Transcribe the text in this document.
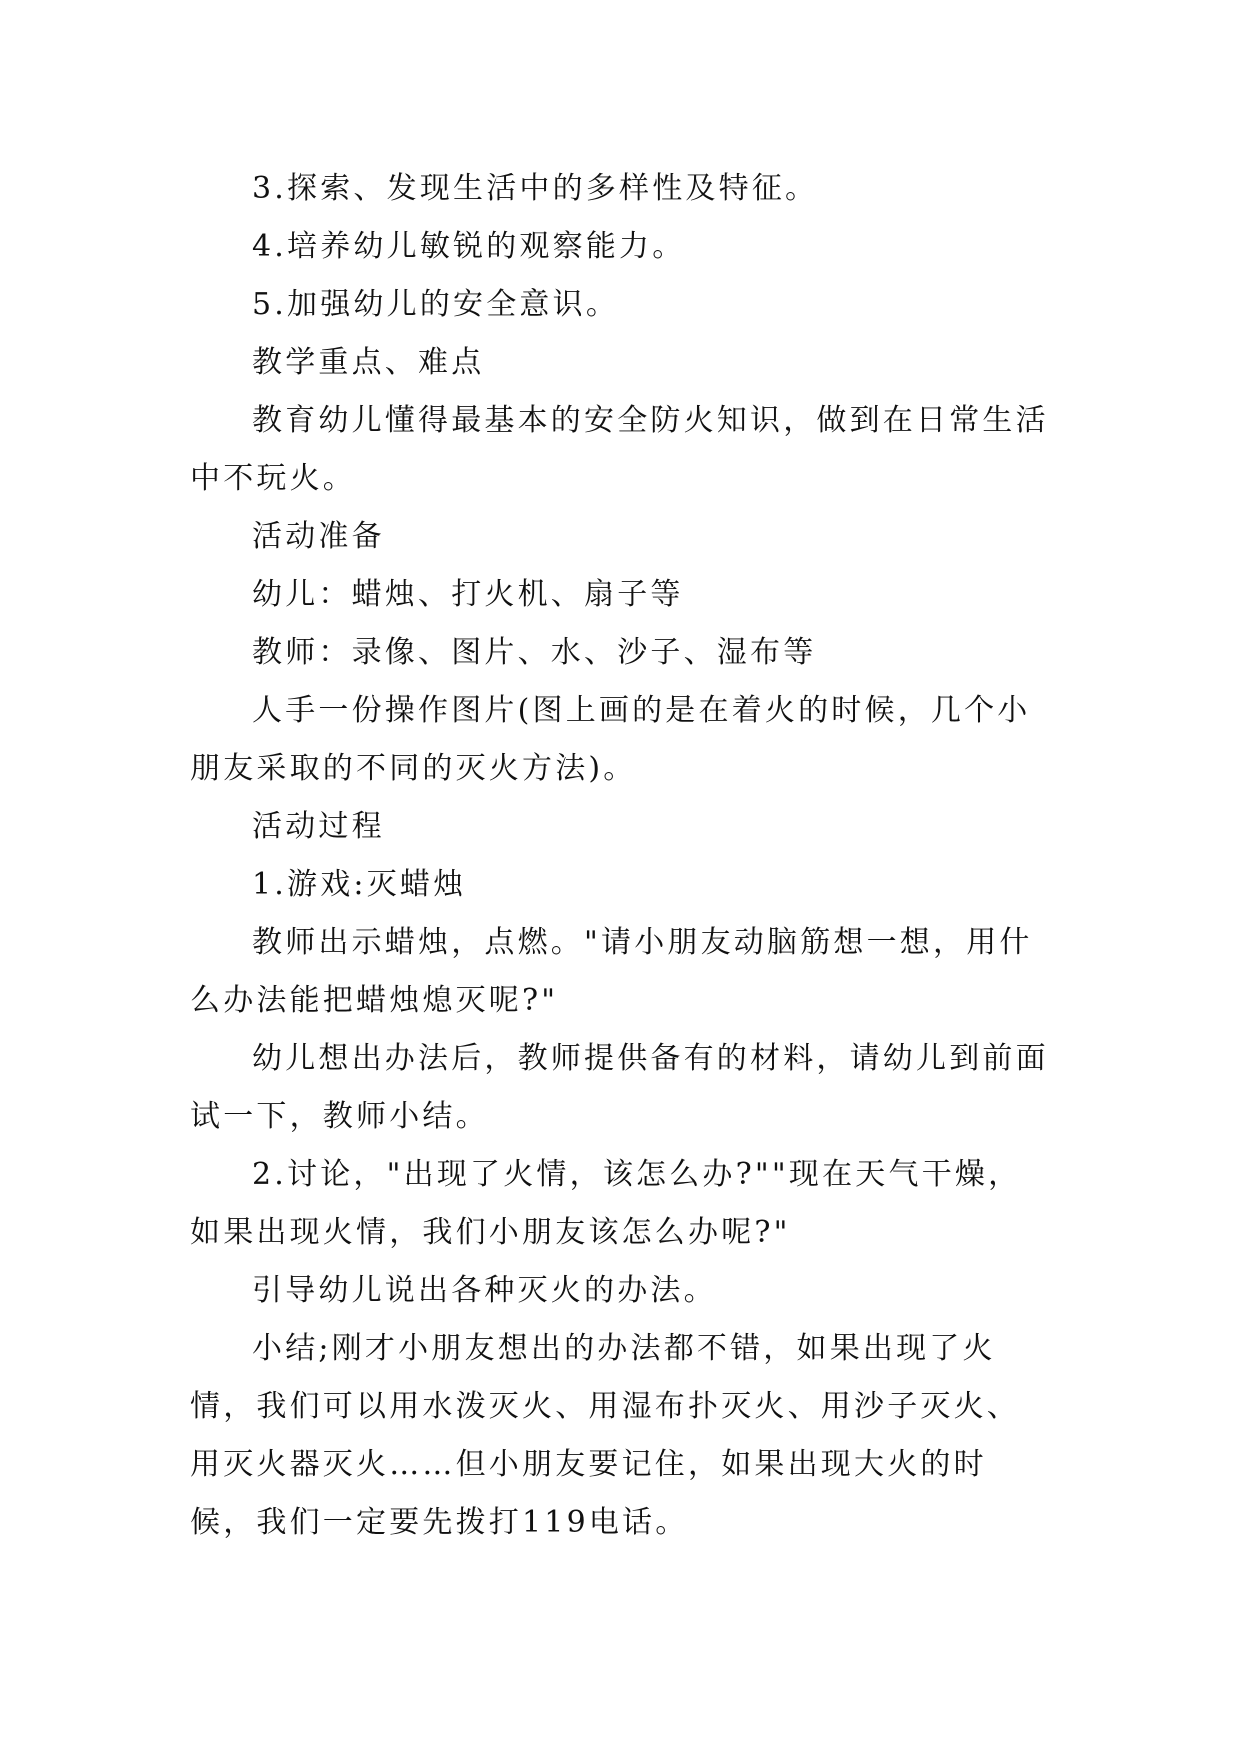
3.探索、发现生活中的多样性及特征。

4.培养幼儿敏锐的观察能力。

5.加强幼儿的安全意识。

教学重点、难点

教育幼儿懂得最基本的安全防火知识，做到在日常生活中不玩火。

活动准备

幼儿：蜡烛、打火机、扇子等

教师：录像、图片、水、沙子、湿布等

人手一份操作图片(图上画的是在着火的时候，几个小朋友采取的不同的灭火方法)。

活动过程

1.游戏:灭蜡烛

教师出示蜡烛，点燃。"请小朋友动脑筋想一想，用什么办法能把蜡烛熄灭呢?"

幼儿想出办法后，教师提供备有的材料，请幼儿到前面试一下，教师小结。

2.讨论，"出现了火情，该怎么办?""现在天气干燥，如果出现火情，我们小朋友该怎么办呢?"

引导幼儿说出各种灭火的办法。

小结;刚才小朋友想出的办法都不错，如果出现了火情，我们可以用水泼灭火、用湿布扑灭火、用沙子灭火、用灭火器灭火……但小朋友要记住，如果出现大火的时候，我们一定要先拨打119电话。
